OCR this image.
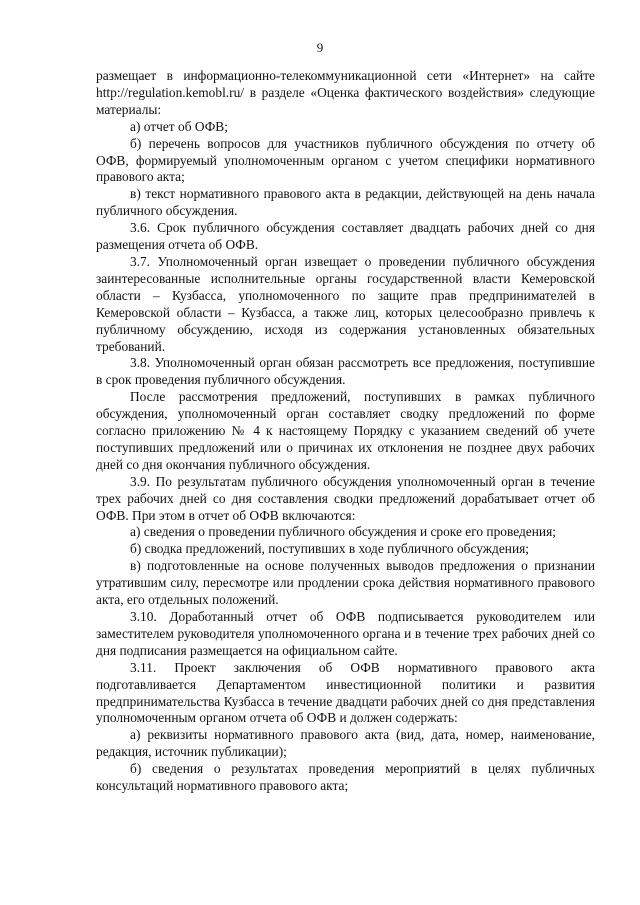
9

размещает в информационно-телекоммуникационной сети «Интернет» на сайте http://regulation.kemobl.ru/ в разделе «Оценка фактического воздействия» следующие материалы:

а) отчет об ОФВ;

б) перечень вопросов для участников публичного обсуждения по отчету об ОФВ, формируемый уполномоченным органом с учетом специфики нормативного правового акта;

в) текст нормативного правового акта в редакции, действующей на день начала публичного обсуждения.

3.6. Срок публичного обсуждения составляет двадцать рабочих дней со дня размещения отчета об ОФВ.

3.7. Уполномоченный орган извещает о проведении публичного обсуждения заинтересованные исполнительные органы государственной власти Кемеровской области – Кузбасса, уполномоченного по защите прав предпринимателей в Кемеровской области – Кузбасса, а также лиц, которых целесообразно привлечь к публичному обсуждению, исходя из содержания установленных обязательных требований.

3.8. Уполномоченный орган обязан рассмотреть все предложения, поступившие в срок проведения публичного обсуждения.

После рассмотрения предложений, поступивших в рамках публичного обсуждения, уполномоченный орган составляет сводку предложений по форме согласно приложению № 4 к настоящему Порядку с указанием сведений об учете поступивших предложений или о причинах их отклонения не позднее двух рабочих дней со дня окончания публичного обсуждения.

3.9. По результатам публичного обсуждения уполномоченный орган в течение трех рабочих дней со дня составления сводки предложений дорабатывает отчет об ОФВ. При этом в отчет об ОФВ включаются:

а) сведения о проведении публичного обсуждения и сроке его проведения;

б) сводка предложений, поступивших в ходе публичного обсуждения;

в) подготовленные на основе полученных выводов предложения о признании утратившим силу, пересмотре или продлении срока действия нормативного правового акта, его отдельных положений.

3.10. Доработанный отчет об ОФВ подписывается руководителем или заместителем руководителя уполномоченного органа и в течение трех рабочих дней со дня подписания размещается на официальном сайте.

3.11. Проект заключения об ОФВ нормативного правового акта подготавливается Департаментом инвестиционной политики и развития предпринимательства Кузбасса в течение двадцати рабочих дней со дня представления уполномоченным органом отчета об ОФВ и должен содержать:

а) реквизиты нормативного правового акта (вид, дата, номер, наименование, редакция, источник публикации);

б) сведения о результатах проведения мероприятий в целях публичных консультаций нормативного правового акта;
